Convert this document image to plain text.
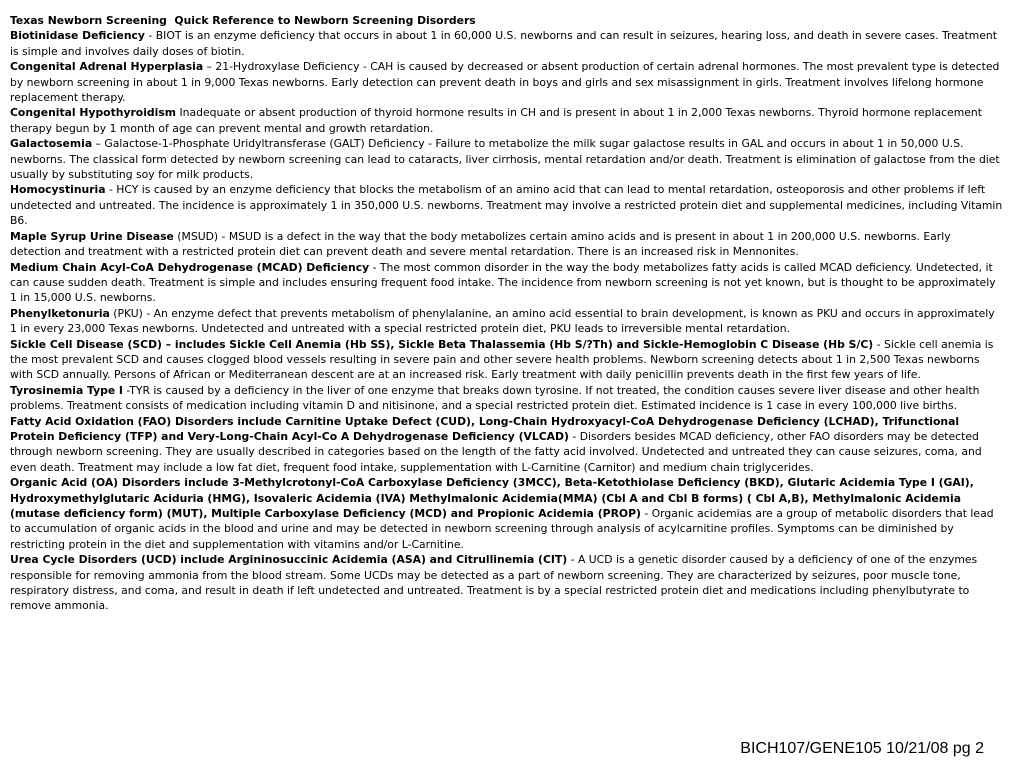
Texas Newborn Screening  Quick Reference to Newborn Screening Disorders

Biotinidase Deficiency - BIOT is an enzyme deficiency that occurs in about 1 in 60,000 U.S. newborns and can result in seizures, hearing loss, and death in severe cases. Treatment is simple and involves daily doses of biotin.

Congenital Adrenal Hyperplasia – 21-Hydroxylase Deficiency - CAH is caused by decreased or absent production of certain adrenal hormones. The most prevalent type is detected by newborn screening in about 1 in 9,000 Texas newborns. Early detection can prevent death in boys and girls and sex misassignment in girls. Treatment involves lifelong hormone replacement therapy.

Congenital Hypothyroidism Inadequate or absent production of thyroid hormone results in CH and is present in about 1 in 2,000 Texas newborns. Thyroid hormone replacement therapy begun by 1 month of age can prevent mental and growth retardation.

Galactosemia – Galactose-1-Phosphate Uridyltransferase (GALT) Deficiency - Failure to metabolize the milk sugar galactose results in GAL and occurs in about 1 in 50,000 U.S. newborns. The classical form detected by newborn screening can lead to cataracts, liver cirrhosis, mental retardation and/or death. Treatment is elimination of galactose from the diet usually by substituting soy for milk products.

Homocystinuria - HCY is caused by an enzyme deficiency that blocks the metabolism of an amino acid that can lead to mental retardation, osteoporosis and other problems if left undetected and untreated. The incidence is approximately 1 in 350,000 U.S. newborns. Treatment may involve a restricted protein diet and supplemental medicines, including Vitamin B6.

Maple Syrup Urine Disease (MSUD) - MSUD is a defect in the way that the body metabolizes certain amino acids and is present in about 1 in 200,000 U.S. newborns. Early detection and treatment with a restricted protein diet can prevent death and severe mental retardation. There is an increased risk in Mennonites.

Medium Chain Acyl-CoA Dehydrogenase (MCAD) Deficiency - The most common disorder in the way the body metabolizes fatty acids is called MCAD deficiency. Undetected, it can cause sudden death. Treatment is simple and includes ensuring frequent food intake. The incidence from newborn screening is not yet known, but is thought to be approximately 1 in 15,000 U.S. newborns.

Phenylketonuria (PKU) - An enzyme defect that prevents metabolism of phenylalanine, an amino acid essential to brain development, is known as PKU and occurs in approximately 1 in every 23,000 Texas newborns. Undetected and untreated with a special restricted protein diet, PKU leads to irreversible mental retardation.

Sickle Cell Disease (SCD) – includes Sickle Cell Anemia (Hb SS), Sickle Beta Thalassemia (Hb S/?Th) and Sickle-Hemoglobin C Disease (Hb S/C) - Sickle cell anemia is the most prevalent SCD and causes clogged blood vessels resulting in severe pain and other severe health problems. Newborn screening detects about 1 in 2,500 Texas newborns with SCD annually. Persons of African or Mediterranean descent are at an increased risk. Early treatment with daily penicillin prevents death in the first few years of life.

Tyrosinemia Type I -TYR is caused by a deficiency in the liver of one enzyme that breaks down tyrosine. If not treated, the condition causes severe liver disease and other health problems. Treatment consists of medication including vitamin D and nitisinone, and a special restricted protein diet. Estimated incidence is 1 case in every 100,000 live births.

Fatty Acid Oxidation (FAO) Disorders include Carnitine Uptake Defect (CUD), Long-Chain Hydroxyacyl-CoA Dehydrogenase Deficiency (LCHAD), Trifunctional Protein Deficiency (TFP) and Very-Long-Chain Acyl-Co A Dehydrogenase Deficiency (VLCAD) - Disorders besides MCAD deficiency, other FAO disorders may be detected through newborn screening. They are usually described in categories based on the length of the fatty acid involved. Undetected and untreated they can cause seizures, coma, and even death. Treatment may include a low fat diet, frequent food intake, supplementation with L-Carnitine (Carnitor) and medium chain triglycerides.

Organic Acid (OA) Disorders include 3-Methylcrotonyl-CoA Carboxylase Deficiency (3MCC), Beta-Ketothiolase Deficiency (BKD), Glutaric Acidemia Type I (GAI), Hydroxymethylglutaric Aciduria (HMG), Isovaleric Acidemia (IVA) Methylmalonic Acidemia(MMA) (Cbl A and Cbl B forms) ( Cbl A,B), Methylmalonic Acidemia (mutase deficiency form) (MUT), Multiple Carboxylase Deficiency (MCD) and Propionic Acidemia (PROP) - Organic acidemias are a group of metabolic disorders that lead to accumulation of organic acids in the blood and urine and may be detected in newborn screening through analysis of acylcarnitine profiles. Symptoms can be diminished by restricting protein in the diet and supplementation with vitamins and/or L-Carnitine.

Urea Cycle Disorders (UCD) include Argininosuccinic Acidemia (ASA) and Citrullinemia (CIT) - A UCD is a genetic disorder caused by a deficiency of one of the enzymes responsible for removing ammonia from the blood stream. Some UCDs may be detected as a part of newborn screening. They are characterized by seizures, poor muscle tone, respiratory distress, and coma, and result in death if left undetected and untreated. Treatment is by a special restricted protein diet and medications including phenylbutyrate to remove ammonia.

BICH107/GENE105 10/21/08 pg 2
